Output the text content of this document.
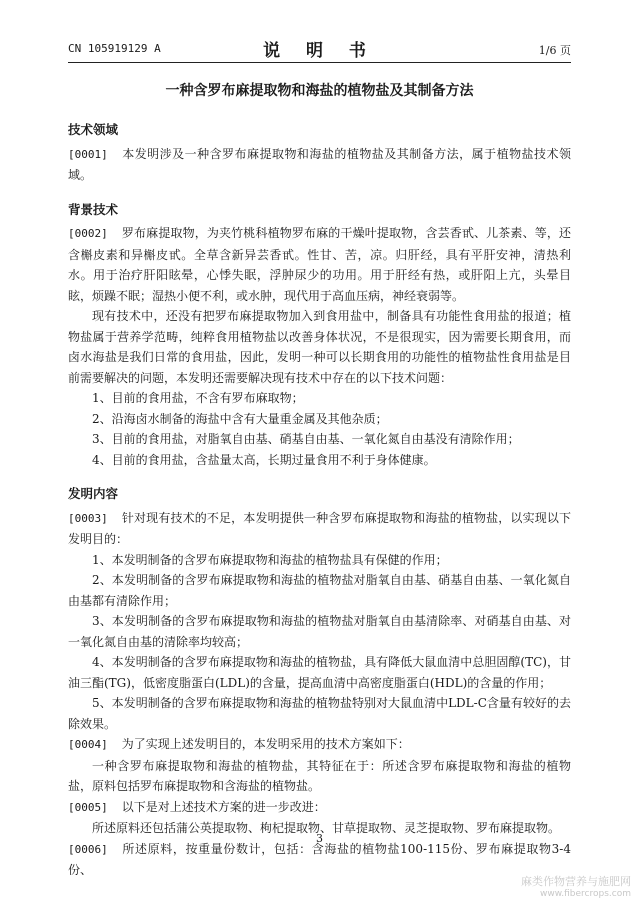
CN 105919129 A	说 明 书	1/6 页
一种含罗布麻提取物和海盐的植物盐及其制备方法
技术领域

[0001] 本发明涉及一种含罗布麻提取物和海盐的植物盐及其制备方法，属于植物盐技术领域。

背景技术

[0002] 罗布麻提取物，为夹竹桃科植物罗布麻的干燥叶提取物，含芸香甙、儿茶素、等，还含槲皮素和异槲皮甙。全草含新异芸香甙。性甘、苦，凉。归肝经，具有平肝安神，清热利水。用于治疗肝阳眩晕，心悸失眠，浮肿尿少的功用。用于肝经有热，或肝阳上亢，头晕目眩，烦躁不眠；湿热小便不利，或水肿，现代用于高血压病，神经衰弱等。

现有技术中，还没有把罗布麻提取物加入到食用盐中，制备具有功能性食用盐的报道；植物盐属于营养学范畴，纯粹食用植物盐以改善身体状况，不是很现实，因为需要长期食用，而卤水海盐是我们日常的食用盐，因此，发明一种可以长期食用的功能性的植物盐性食用盐是目前需要解决的问题，本发明还需要解决现有技术中存在的以下技术问题：

1、目前的食用盐，不含有罗布麻取物；

2、沿海卤水制备的海盐中含有大量重金属及其他杂质；

3、目前的食用盐，对脂氧自由基、硝基自由基、一氧化氮自由基没有清除作用；

4、目前的食用盐，含盐量太高，长期过量食用不利于身体健康。

发明内容

[0003] 针对现有技术的不足，本发明提供一种含罗布麻提取物和海盐的植物盐，以实现以下发明目的：

1、本发明制备的含罗布麻提取物和海盐的植物盐具有保健的作用；

2、本发明制备的含罗布麻提取物和海盐的植物盐对脂氧自由基、硝基自由基、一氧化氮自由基都有清除作用；

3、本发明制备的含罗布麻提取物和海盐的植物盐对脂氧自由基清除率、对硝基自由基、对一氧化氮自由基的清除率均较高；

4、本发明制备的含罗布麻提取物和海盐的植物盐，具有降低大鼠血清中总胆固醇(TC)，甘油三酯(TG)，低密度脂蛋白(LDL)的含量，提高血清中高密度脂蛋白(HDL)的含量的作用；

5、本发明制备的含罗布麻提取物和海盐的植物盐特别对大鼠血清中LDL-C含量有较好的去除效果。

[0004] 为了实现上述发明目的，本发明采用的技术方案如下：

一种含罗布麻提取物和海盐的植物盐，其特征在于：所述含罗布麻提取物和海盐的植物盐，原料包括罗布麻提取物和含海盐的植物盐。

[0005] 以下是对上述技术方案的进一步改进：

所述原料还包括蒲公英提取物、枸杞提取物、甘草提取物、灵芝提取物、罗布麻提取物。

[0006] 所述原料，按重量份数计，包括：含海盐的植物盐100-115份、罗布麻提取物3-4份、

3
麻类作物营养与施肥网
www.fibercrops.com
